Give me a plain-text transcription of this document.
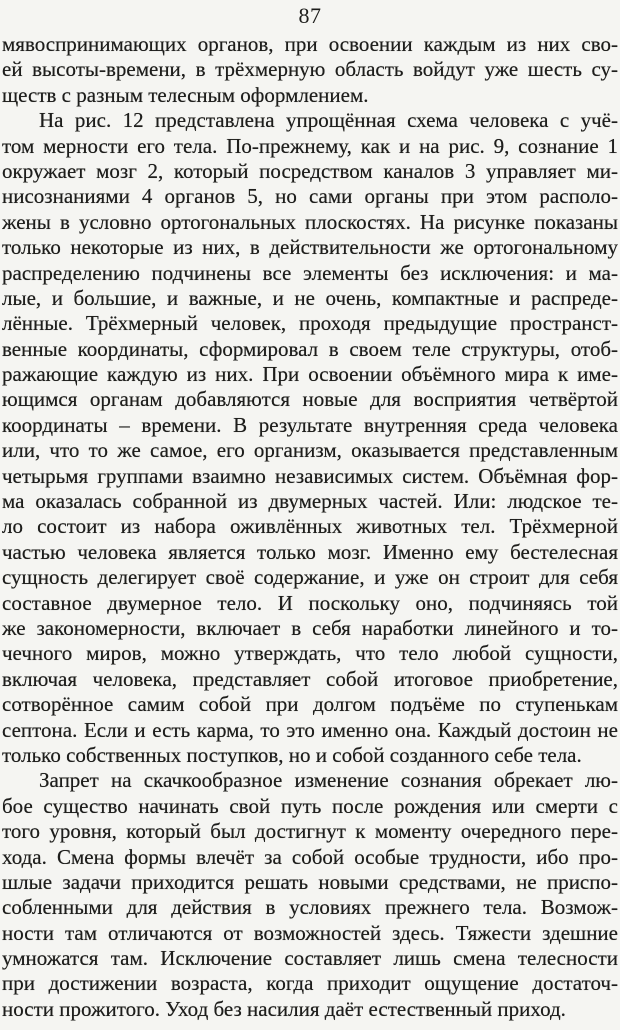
87
мявоспринимающих органов, при освоении каждым из них сво-
ей высоты-времени, в трёхмерную область войдут уже шесть су-
ществ с разным телесным оформлением.
На рис. 12 представлена упрощённая схема человека с учё-
том мерности его тела. По-прежнему, как и на рис. 9, сознание 1
окружает мозг 2, который посредством каналов 3 управляет ми-
нисознаниями 4 органов 5, но сами органы при этом располо-
жены в условно ортогональных плоскостях. На рисунке показаны
только некоторые из них, в действительности же ортогональному
распределению подчинены все элементы без исключения: и ма-
лые, и большие, и важные, и не очень, компактные и распреде-
лённые. Трёхмерный человек, проходя предыдущие пространст-
венные координаты, сформировал в своем теле структуры, отоб-
ражающие каждую из них. При освоении объёмного мира к име-
ющимся органам добавляются новые для восприятия четвёртой
координаты – времени. В результате внутренняя среда человека
или, что то же самое, его организм, оказывается представленным
четырьмя группами взаимно независимых систем. Объёмная фор-
ма оказалась собранной из двумерных частей. Или: людское те-
ло состоит из набора оживлённых животных тел. Трёхмерной
частью человека является только мозг. Именно ему бестелесная
сущность делегирует своё содержание, и уже он строит для себя
составное двумерное тело. И поскольку оно, подчиняясь той
же закономерности, включает в себя наработки линейного и то-
чечного миров, можно утверждать, что тело любой сущности,
включая человека, представляет собой итоговое приобретение,
сотворённое самим собой при долгом подъёме по ступенькам
септона. Если и есть карма, то это именно она. Каждый достоин не
только собственных поступков, но и собой созданного себе тела.
Запрет на скачкообразное изменение сознания обрекает лю-
бое существо начинать свой путь после рождения или смерти с
того уровня, который был достигнут к моменту очередного пере-
хода. Смена формы влечёт за собой особые трудности, ибо про-
шлые задачи приходится решать новыми средствами, не приспо-
собленными для действия в условиях прежнего тела. Возмож-
ности там отличаются от возможностей здесь. Тяжести здешние
умножатся там. Исключение составляет лишь смена телесности
при достижении возраста, когда приходит ощущение достаточ-
ности прожитого. Уход без насилия даёт естественный приход.
